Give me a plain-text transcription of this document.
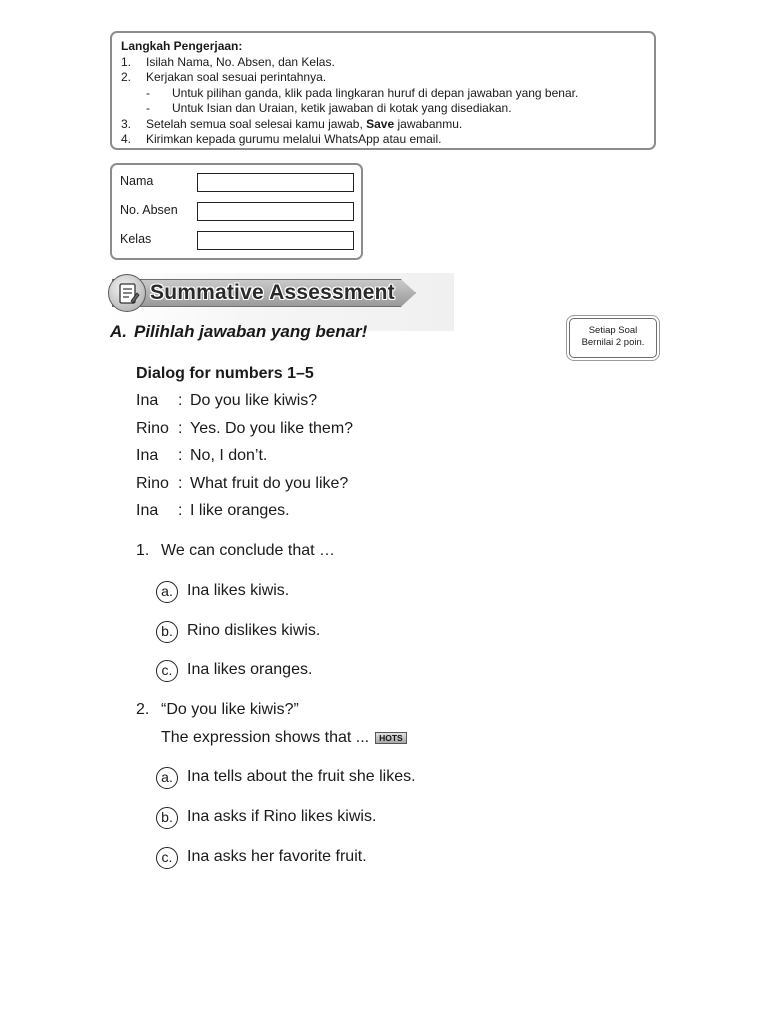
Langkah Pengerjaan:
1. Isilah Nama, No. Absen, dan Kelas.
2. Kerjakan soal sesuai perintahnya.
- Untuk pilihan ganda, klik pada lingkaran huruf di depan jawaban yang benar.
- Untuk Isian dan Uraian, ketik jawaban di kotak yang disediakan.
3. Setelah semua soal selesai kamu jawab, Save jawabanmu.
4. Kirimkan kepada gurumu melalui WhatsApp atau email.
Nama
No. Absen
Kelas
Summative Assessment
A. Pilihlah jawaban yang benar!	Setiap Soal
Bernilai 2 poin.
Dialog for numbers 1–5
Ina : Do you like kiwis?
Rino : Yes. Do you like them?
Ina : No, I don’t.
Rino : What fruit do you like?
Ina : I like oranges.
1. We can conclude that …
a. Ina likes kiwis.
b. Rino dislikes kiwis.
c. Ina likes oranges.
2. “Do you like kiwis?”
The expression shows that ... HOTS
a. Ina tells about the fruit she likes.
b. Ina asks if Rino likes kiwis.
c. Ina asks her favorite fruit.
